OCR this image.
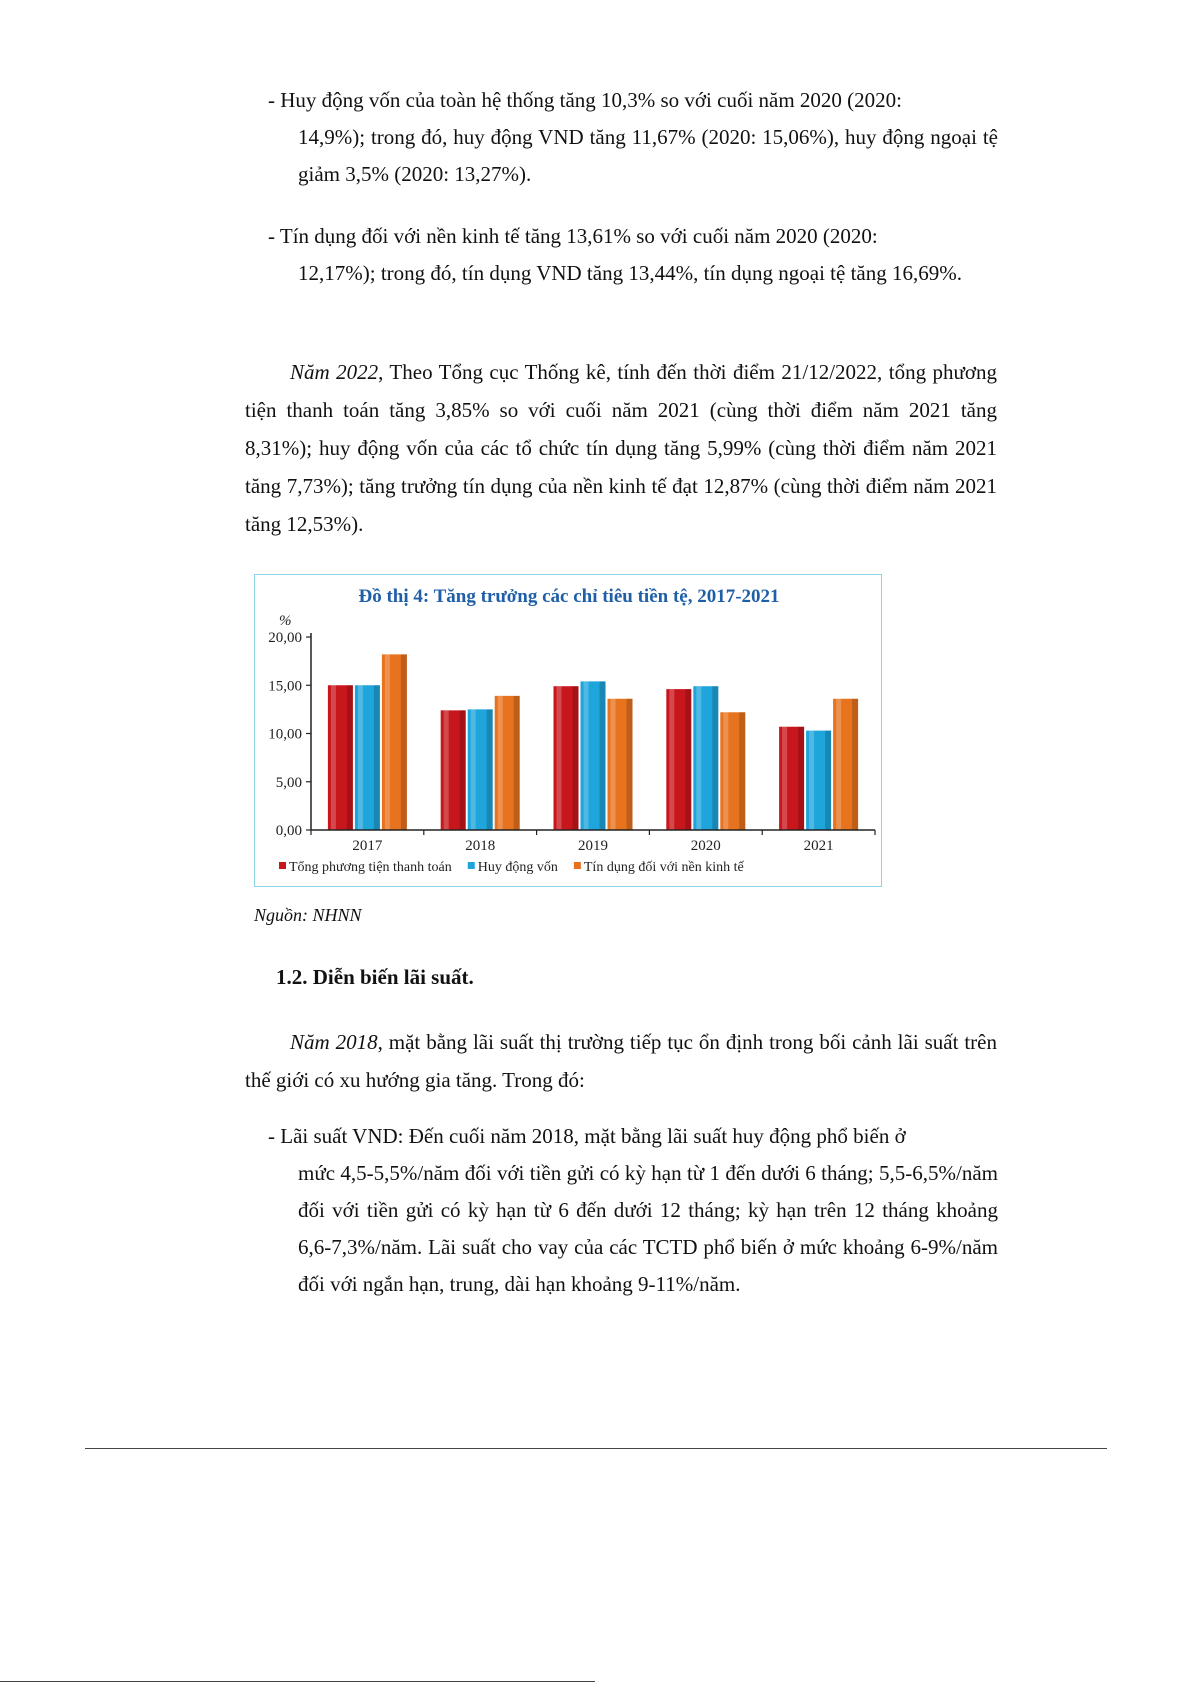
- Huy động vốn của toàn hệ thống tăng 10,3% so với cuối năm 2020 (2020:
14,9%); trong đó, huy động VND tăng 11,67% (2020: 15,06%), huy động ngoại tệ giảm 3,5% (2020: 13,27%).

- Tín dụng đối với nền kinh tế tăng 13,61% so với cuối năm 2020 (2020:
12,17%); trong đó, tín dụng VND tăng 13,44%, tín dụng ngoại tệ tăng 16,69%.

Năm 2022, Theo Tổng cục Thống kê, tính đến thời điểm 21/12/2022, tổng phương tiện thanh toán tăng 3,85% so với cuối năm 2021 (cùng thời điểm năm 2021 tăng 8,31%); huy động vốn của các tổ chức tín dụng tăng 5,99% (cùng thời điểm năm 2021 tăng 7,73%); tăng trưởng tín dụng của nền kinh tế đạt 12,87% (cùng thời điểm năm 2021 tăng 12,53%).

Đồ thị 4: Tăng trưởng các chỉ tiêu tiền tệ, 2017-2021
%
0,00
5,00
10,00
15,00
20,00
2017	2018	2019	2020	2021
Tổng phương tiện thanh toán Huy động vốn Tín dụng đối với nền kinh tế

Nguồn: NHNN

1.2. Diễn biến lãi suất.

Năm 2018, mặt bằng lãi suất thị trường tiếp tục ổn định trong bối cảnh lãi suất trên thế giới có xu hướng gia tăng. Trong đó:

- Lãi suất VND: Đến cuối năm 2018, mặt bằng lãi suất huy động phổ biến ở
mức 4,5-5,5%/năm đối với tiền gửi có kỳ hạn từ 1 đến dưới 6 tháng; 5,5-6,5%/năm đối với tiền gửi có kỳ hạn từ 6 đến dưới 12 tháng; kỳ hạn trên 12 tháng khoảng 6,6-7,3%/năm. Lãi suất cho vay của các TCTD phổ biến ở mức khoảng 6-9%/năm đối với ngắn hạn, trung, dài hạn khoảng 9-11%/năm.
